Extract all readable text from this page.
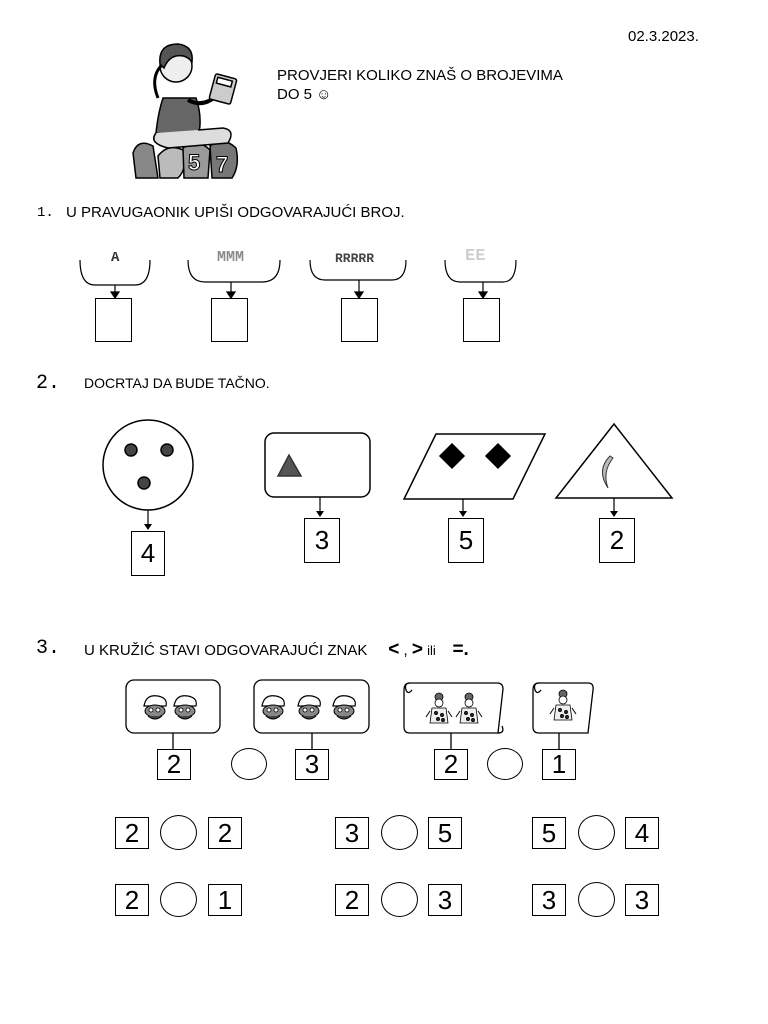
02.3.2023.
PROVJERI KOLIKO ZNAŠ O BROJEVIMA
DO 5 ☺
5 7
1. U PRAVUGAONIK UPIŠI ODGOVARAJUĆI BROJ.
A	MMM	RRRRR	EE
2. DOCRTAJ DA BUDE TAČNO.
4	3	5	2
3. U KRUŽIĆ STAVI ODGOVARAJUĆI ZNAK < , > ili =.
2	3	2	1
2	2	3	5	5	4
2	1	2	3	3	3
